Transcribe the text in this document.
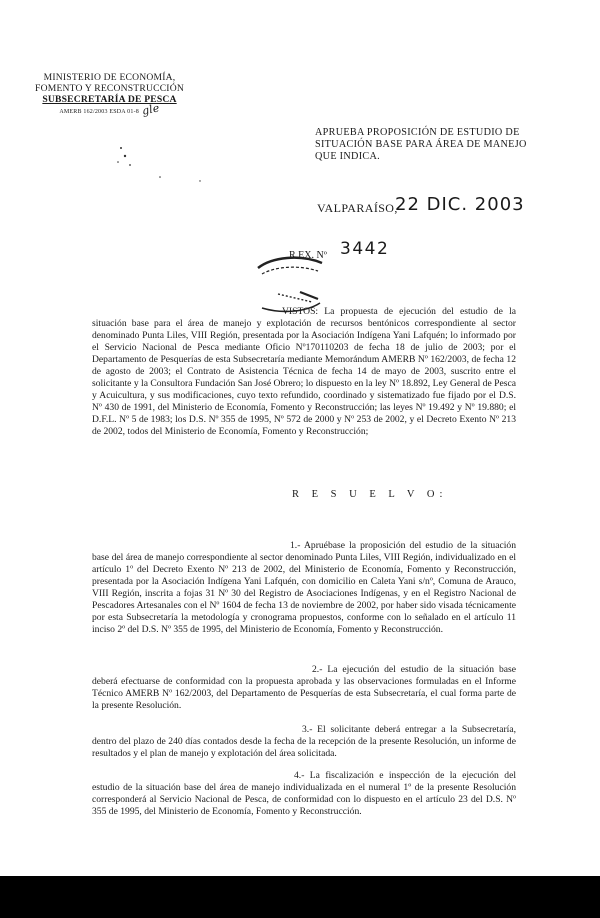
MINISTERIO DE ECONOMÍA,
FOMENTO Y RECONSTRUCCIÓN
SUBSECRETARÍA DE PESCA
AMERB 162/2003 ESDA 01-8 gle
APRUEBA PROPOSICIÓN DE ESTUDIO DE SITUACIÓN BASE PARA ÁREA DE MANEJO QUE INDICA.
VALPARAÍSO,
22 DIC. 2003
R.EX. Nº 3442

VISTOS: La propuesta de ejecución del estudio de la situación base para el área de manejo y explotación de recursos bentónicos correspondiente al sector denominado Punta Liles, VIII Región, presentada por la Asociación Indígena Yani Lafquén; lo informado por el Servicio Nacional de Pesca mediante Oficio Nº170110203 de fecha 18 de julio de 2003; por el Departamento de Pesquerías de esta Subsecretaría mediante Memorándum AMERB Nº 162/2003, de fecha 12 de agosto de 2003; el Contrato de Asistencia Técnica de fecha 14 de mayo de 2003, suscrito entre el solicitante y la Consultora Fundación San José Obrero; lo dispuesto en la ley Nº 18.892, Ley General de Pesca y Acuicultura, y sus modificaciones, cuyo texto refundido, coordinado y sistematizado fue fijado por el D.S. Nº 430 de 1991, del Ministerio de Economía, Fomento y Reconstrucción; las leyes Nº 19.492 y Nº 19.880; el D.F.L. Nº 5 de 1983; los D.S. Nº 355 de 1995, Nº 572 de 2000 y Nº 253 de 2002, y el Decreto Exento Nº 213 de 2002, todos del Ministerio de Economía, Fomento y Reconstrucción;

R E S U E L V O:

1.- Apruébase la proposición del estudio de la situación base del área de manejo correspondiente al sector denominado Punta Liles, VIII Región, individualizado en el artículo 1º del Decreto Exento Nº 213 de 2002, del Ministerio de Economía, Fomento y Reconstrucción, presentada por la Asociación Indígena Yani Lafquén, con domicilio en Caleta Yani s/nº, Comuna de Arauco, VIII Región, inscrita a fojas 31 Nº 30 del Registro de Asociaciones Indígenas, y en el Registro Nacional de Pescadores Artesanales con el Nº 1604 de fecha 13 de noviembre de 2002, por haber sido visada técnicamente por esta Subsecretaría la metodología y cronograma propuestos, conforme con lo señalado en el artículo 11 inciso 2º del D.S. Nº 355 de 1995, del Ministerio de Economía, Fomento y Reconstrucción.

2.- La ejecución del estudio de la situación base deberá efectuarse de conformidad con la propuesta aprobada y las observaciones formuladas en el Informe Técnico AMERB Nº 162/2003, del Departamento de Pesquerías de esta Subsecretaría, el cual forma parte de la presente Resolución.

3.- El solicitante deberá entregar a la Subsecretaría, dentro del plazo de 240 días contados desde la fecha de la recepción de la presente Resolución, un informe de resultados y el plan de manejo y explotación del área solicitada.

4.- La fiscalización e inspección de la ejecución del estudio de la situación base del área de manejo individualizada en el numeral 1º de la presente Resolución corresponderá al Servicio Nacional de Pesca, de conformidad con lo dispuesto en el artículo 23 del D.S. Nº 355 de 1995, del Ministerio de Economía, Fomento y Reconstrucción.
